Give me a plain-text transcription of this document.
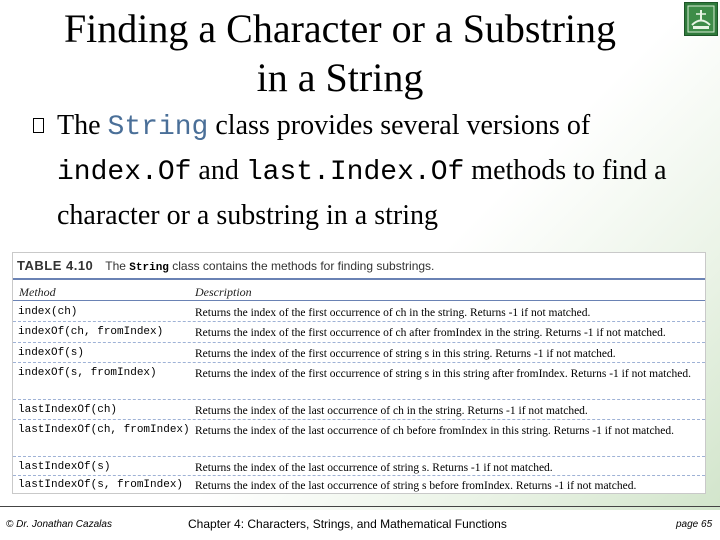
Finding a Character or a Substring
in a String
The String class provides several versions of
index.Of and last.Index.Of methods to find a
character or a substring in a string
TABLE 4.10 The String class contains the methods for finding substrings.
Method	Description
index(ch)	Returns the index of the first occurrence of ch in the string. Returns -1 if not matched.
indexOf(ch, fromIndex)	Returns the index of the first occurrence of ch after fromIndex in the string. Returns -1 if not matched.
indexOf(s)	Returns the index of the first occurrence of string s in this string. Returns -1 if not matched.
indexOf(s, fromIndex)	Returns the index of the first occurrence of string s in this string after fromIndex. Returns -1 if not matched.
lastIndexOf(ch)	Returns the index of the last occurrence of ch in the string. Returns -1 if not matched.
lastIndexOf(ch, fromIndex) Returns the index of the last occurrence of ch before fromIndex in this string. Returns -1 if not matched.
lastIndexOf(s)	Returns the index of the last occurrence of string s. Returns -1 if not matched.
lastIndexOf(s, fromIndex) Returns the index of the last occurrence of string s before fromIndex. Returns -1 if not matched.
© Dr. Jonathan Cazalas	Chapter 4: Characters, Strings, and Mathematical Functions	page 65
